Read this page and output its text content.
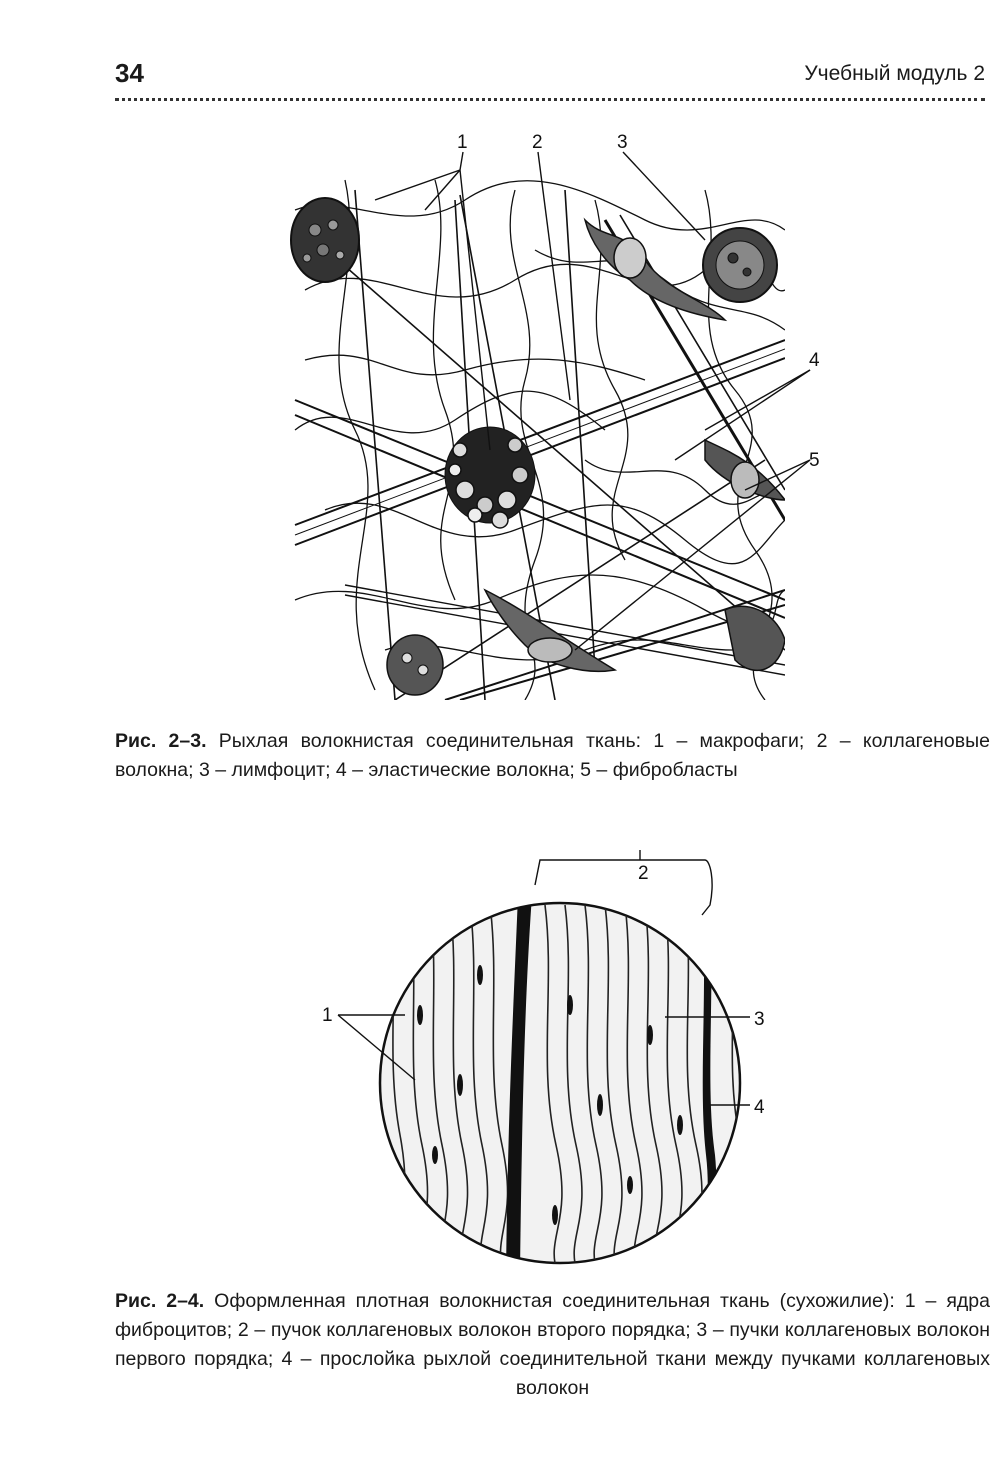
34	Учебный модуль 2
1	2	3
4
5
Рис. 2–3. Рыхлая волокнистая соединительная ткань: 1 – макрофаги; 2 – коллагеновые волокна; 3 – лимфоцит; 4 – эластические волокна; 5 – фибробласты
1
2
3
4
Рис. 2–4. Оформленная плотная волокнистая соединительная ткань (сухожилие): 1 – ядра фиброцитов; 2 – пучок коллагеновых волокон второго порядка; 3 – пучки коллагеновых волокон первого порядка; 4 – прослойка рыхлой соединительной ткани между пучками коллагеновых волокон
